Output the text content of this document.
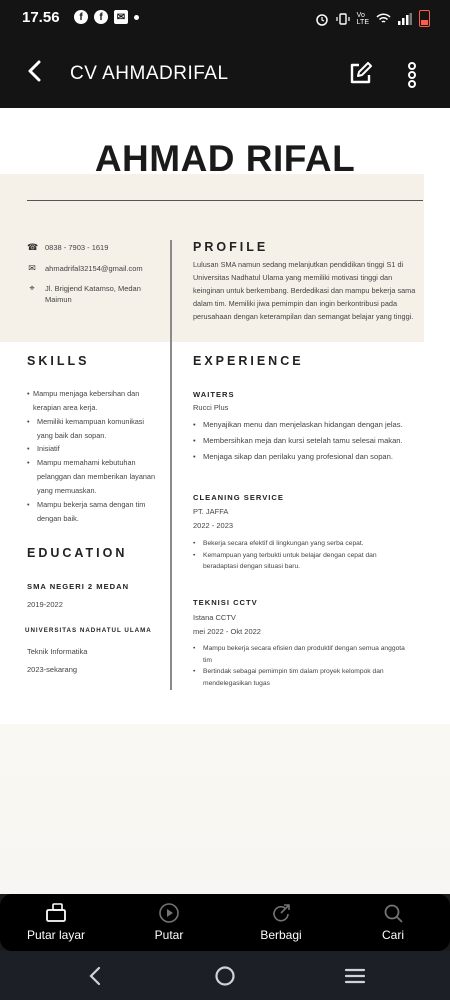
17.56	f	f	✉	Vo
LTE
CV AHMADRIFAL
AHMAD RIFAL
☎ 0838 - 7903 - 1619
✉ ahmadrifal32154@gmail.com
⌖	Jl. Brigjend Katamso, Medan Maimun
PROFILE
Lulusan SMA namun sedang melanjutkan pendidikan tinggi S1 di Universitas Nadhatul Ulama yang memiliki motivasi tinggi dan keinginan untuk berkembang. Berdedikasi dan mampu bekerja sama dalam tim. Memiliki jiwa pemimpin dan ingin berkontribusi pada perusahaan dengan keterampilan dan semangat belajar yang tinggi.
SKILLS
• Mampu menjaga kebersihan dan kerapian area kerja.
• Memiliki kemampuan komunikasi yang baik dan sopan.
• Inisiatif
• Mampu memahami kebutuhan pelanggan dan memberikan layanan yang memuaskan.
• Mampu bekerja sama dengan tim dengan baik.
EDUCATION
SMA NEGERI 2 MEDAN
2019-2022
UNIVERSITAS NADHATUL ULAMA
Teknik Informatika
2023-sekarang
EXPERIENCE
WAITERS
Rucci Plus
• Menyajikan menu dan menjelaskan hidangan dengan jelas.
• Membersihkan meja dan kursi setelah tamu selesai makan.
• Menjaga sikap dan perilaku yang profesional dan sopan.
CLEANING SERVICE
PT. JAFFA
2022 - 2023
• Bekerja secara efektif di lingkungan yang serba cepat.
• Kemampuan yang terbukti untuk belajar dengan cepat dan beradaptasi dengan situasi baru.
TEKNISI CCTV
Istana CCTV
mei 2022 - Okt 2022
• Mampu bekerja secara efisien dan produktif dengan semua anggota tim
• Bertindak sebagai pemimpin tim dalam proyek kelompok dan mendelegasikan tugas
Putar layar	Putar	Berbagi	Cari
